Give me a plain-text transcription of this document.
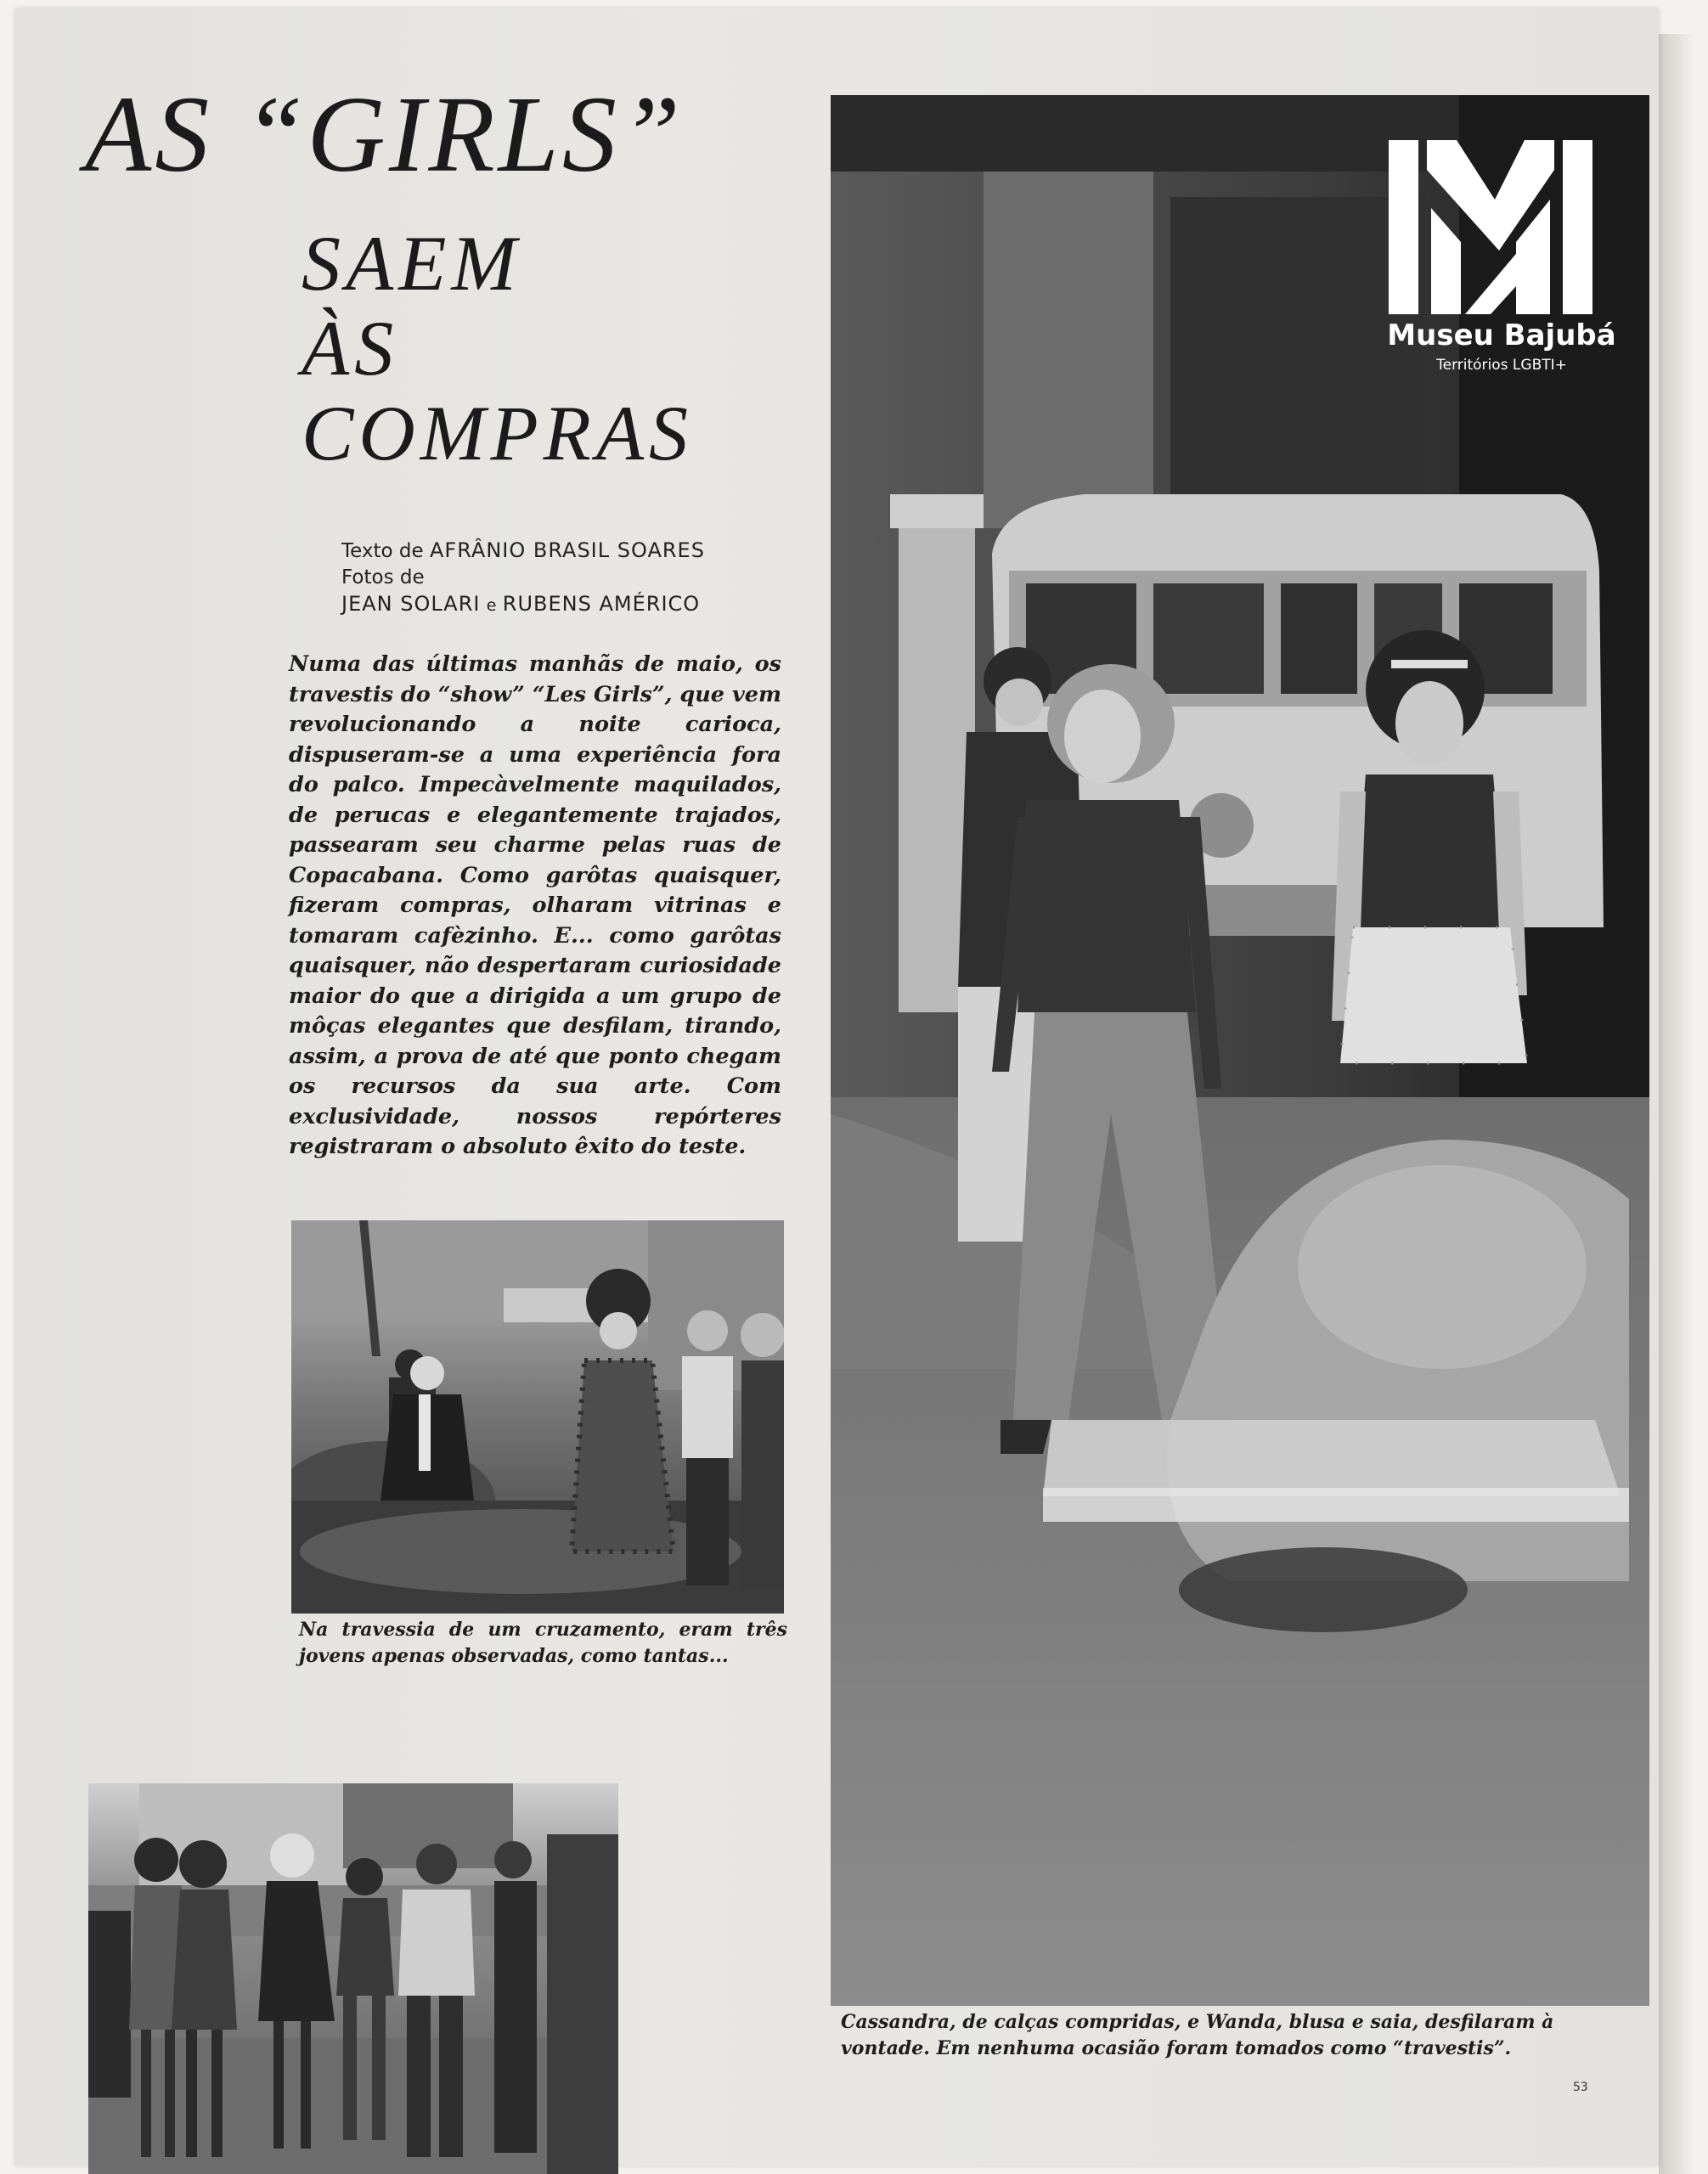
AS “GIRLS”
SAEM
ÀS
COMPRAS
Texto de AFRÂNIO BRASIL SOARES
Fotos de
JEAN SOLARI e RUBENS AMÉRICO
Numa das últimas manhãs de maio, os travestis do “show” “Les Girls”, que vem revolucionando a noite carioca, dispuseram-se a uma experiência fora do palco. Impecàvelmente maquilados, de perucas e elegantemente trajados, passearam seu charme pelas ruas de Copacabana. Como garôtas quaisquer, fizeram compras, olharam vitrinas e tomaram cafèzinho. E... como garôtas quaisquer, não despertaram curiosidade maior do que a dirigida a um grupo de môças elegantes que desfilam, tirando, assim, a prova de até que ponto chegam os recursos da sua arte. Com exclusividade, nossos repórteres registraram o absoluto êxito do teste.
Na travessia de um cruzamento, eram três jovens apenas observadas, como tantas...
Cassandra, de calças compridas, e Wanda, blusa e saia, desfilaram à vontade. Em nenhuma ocasião foram tomados como “travestis”.
Museu Bajubá
Territórios LGBTI+
53
